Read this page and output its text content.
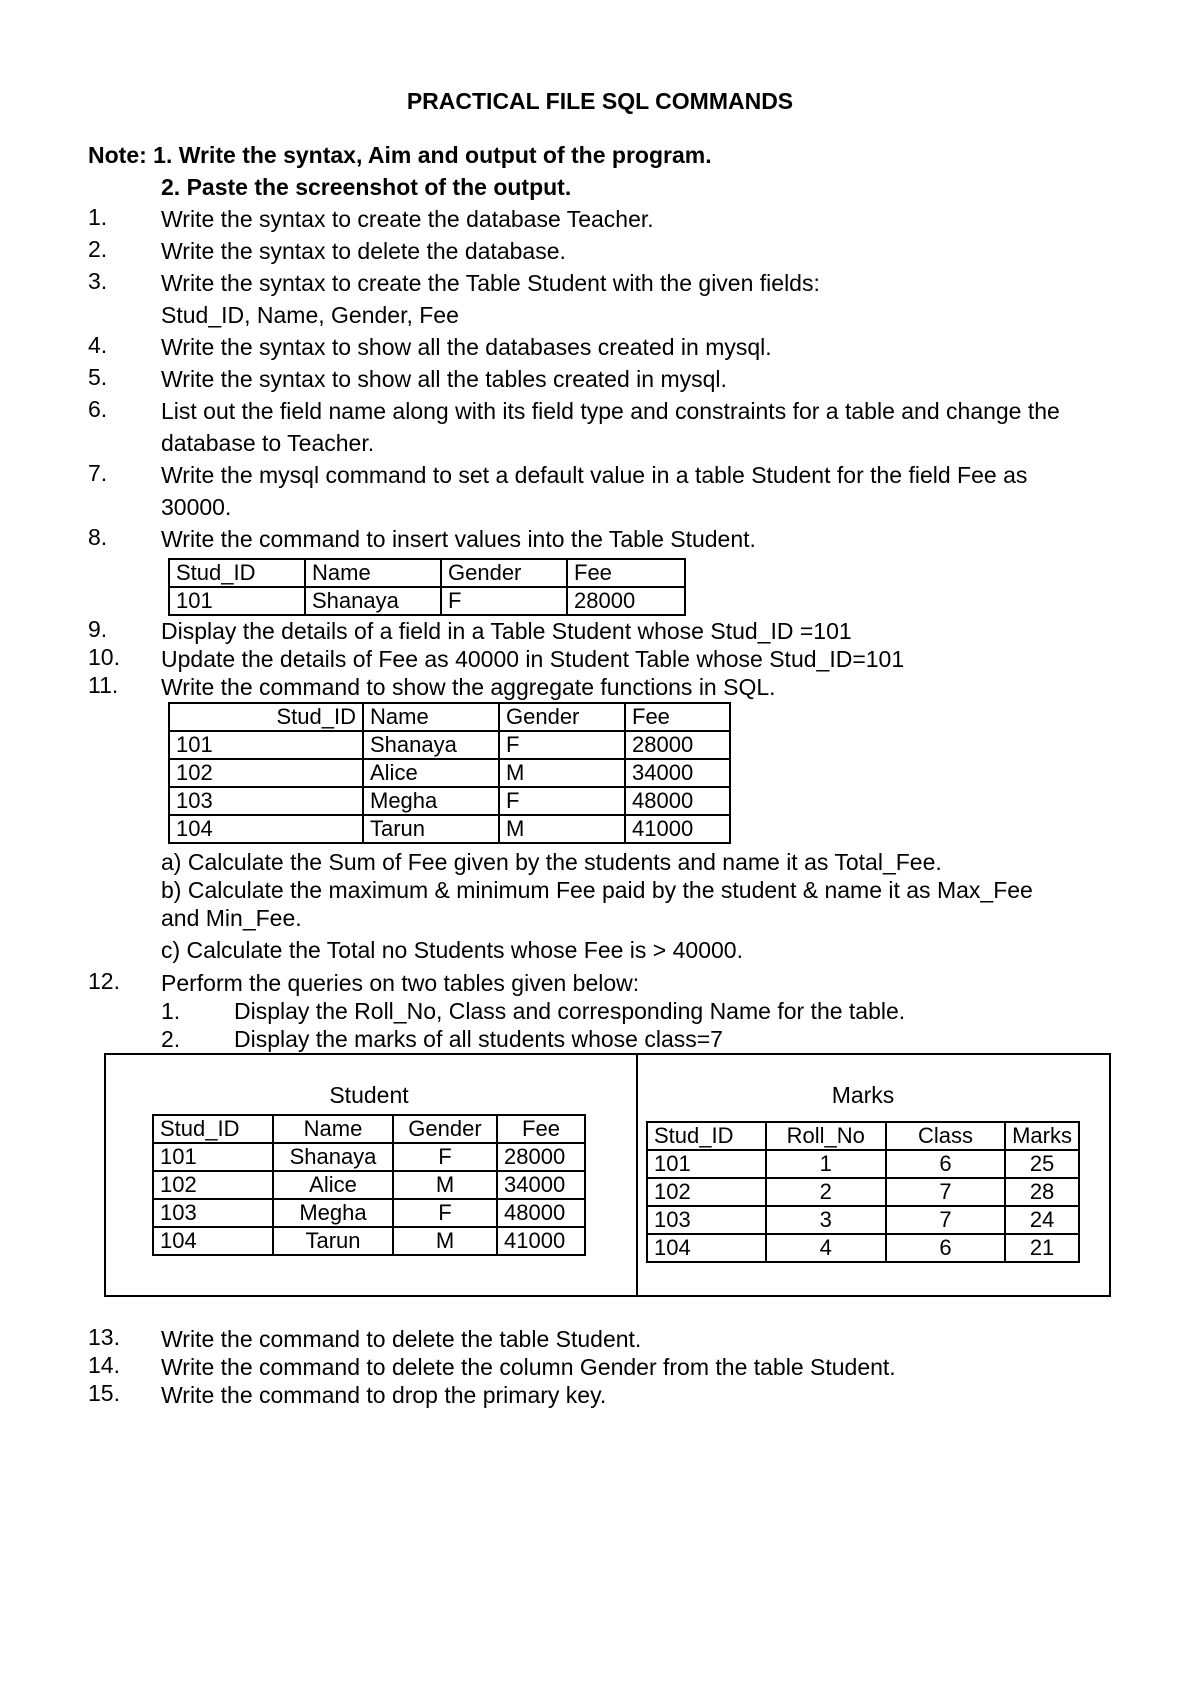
PRACTICAL FILE SQL COMMANDS
Note: 1. Write the syntax, Aim and output of the program.
2. Paste the screenshot of the output.
1.	Write the syntax to create the database Teacher.
2.	Write the syntax to delete the database.
3.	Write the syntax to create the Table Student with the given fields:
Stud_ID, Name, Gender, Fee
4.	Write the syntax to show all the databases created in mysql.
5.	Write the syntax to show all the tables created in mysql.
6.	List out the field name along with its field type and constraints for a table and change the
database to Teacher.
7.	Write the mysql command to set a default value in a table Student for the field Fee as
30000.
8.	Write the command to insert values into the Table Student.
Stud_ID	Name	Gender	Fee
101	Shanaya	F	28000
9.	Display the details of a field in a Table Student whose Stud_ID =101
10.	Update the details of Fee as 40000 in Student Table whose Stud_ID=101
11.	Write the command to show the aggregate functions in SQL.
Stud_ID	Name	Gender	Fee
101	Shanaya	F	28000
102	Alice	M	34000
103	Megha	F	48000
104	Tarun	M	41000
a) Calculate the Sum of Fee given by the students and name it as Total_Fee.
b) Calculate the maximum & minimum Fee paid by the student & name it as Max_Fee
and Min_Fee.
c) Calculate the Total no Students whose Fee is > 40000.
12.	Perform the queries on two tables given below:
1. Display the Roll_No, Class and corresponding Name for the table.
2. Display the marks of all students whose class=7
Student
Stud_ID	Name	Gender	Fee
101	Shanaya	F	28000
102	Alice	M	34000
103	Megha	F	48000
104	Tarun	M	41000
Marks
Stud_ID	Roll_No	Class	Marks
101	1	6	25
102	2	7	28
103	3	7	24
104	4	6	21
13.	Write the command to delete the table Student.
14.	Write the command to delete the column Gender from the table Student.
15.	Write the command to drop the primary key.
